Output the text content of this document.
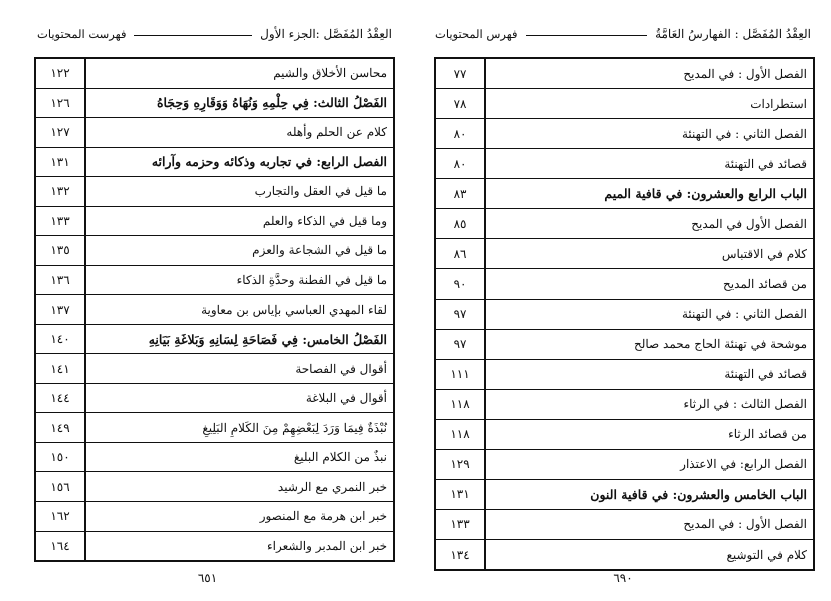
العِقْدُ المُفَصَّل :الجزء الأول
فهرست المحتويات
محاسن الأخلاق والشيم
١٢٢
الفَصْلُ الثالث: فِي حِلْمِهِ وَنُهَاهُ وَوَقَارِهِ وَحِجَاهُ
١٢٦
كلام عن الحلم وأهله
١٢٧
الفصل الرابع: في تجاربه وذكائه وحزمه وآرائه
١٣١
ما قيل في العقل والتجارب
١٣٢
وما قيل في الذكاء والعلم
١٣٣
ما قيل في الشجاعة والعزم
١٣٥
ما قيل في الفطنة وحدَّةِ الذكاء
١٣٦
لقاء المهدي العباسي بإياس بن معاوية
١٣٧
الفَصْلُ الخامس: فِي فَصَاحَةِ لِسَانِهِ وَبَلاغَةِ بَيَانِهِ
١٤٠
أقوال في الفصاحة
١٤١
أقوال في البلاغة
١٤٤
نُبْذَةٌ فِيمَا وَرَدَ لِبَعْضِهِمْ مِنَ الكَلامِ البَلِيغِ
١٤٩
نبذٌ من الكلام البليغ
١٥٠
خبر النمري مع الرشيد
١٥٦
خبر ابن هرمة مع المنصور
١٦٢
خبر ابن المدبر والشعراء
١٦٤
٦٥١
العِقْدُ المُفَصَّل : الفهارسُ العَامَّةُ
فهرس المحتويات
الفصل الأول : في المديح
٧٧
استطرادات
٧٨
الفصل الثاني : في التهنئة
٨٠
قصائد في التهنئة
٨٠
الباب الرابع والعشرون: في قافية الميم
٨٣
الفصل الأول في المديح
٨٥
كلام في الاقتباس
٨٦
من قصائد المديح
٩٠
الفصل الثاني : في التهنئة
٩٧
موشحة في تهنئة الحاج محمد صالح
٩٧
قصائد في التهنئة
١١١
الفصل الثالث : في الرثاء
١١٨
من قصائد الرثاء
١١٨
الفصل الرابع: في الاعتذار
١٢٩
الباب الخامس والعشرون: في قافية النون
١٣١
الفصل الأول : في المديح
١٣٣
كلام في التوشيع
١٣٤
٦٩٠
